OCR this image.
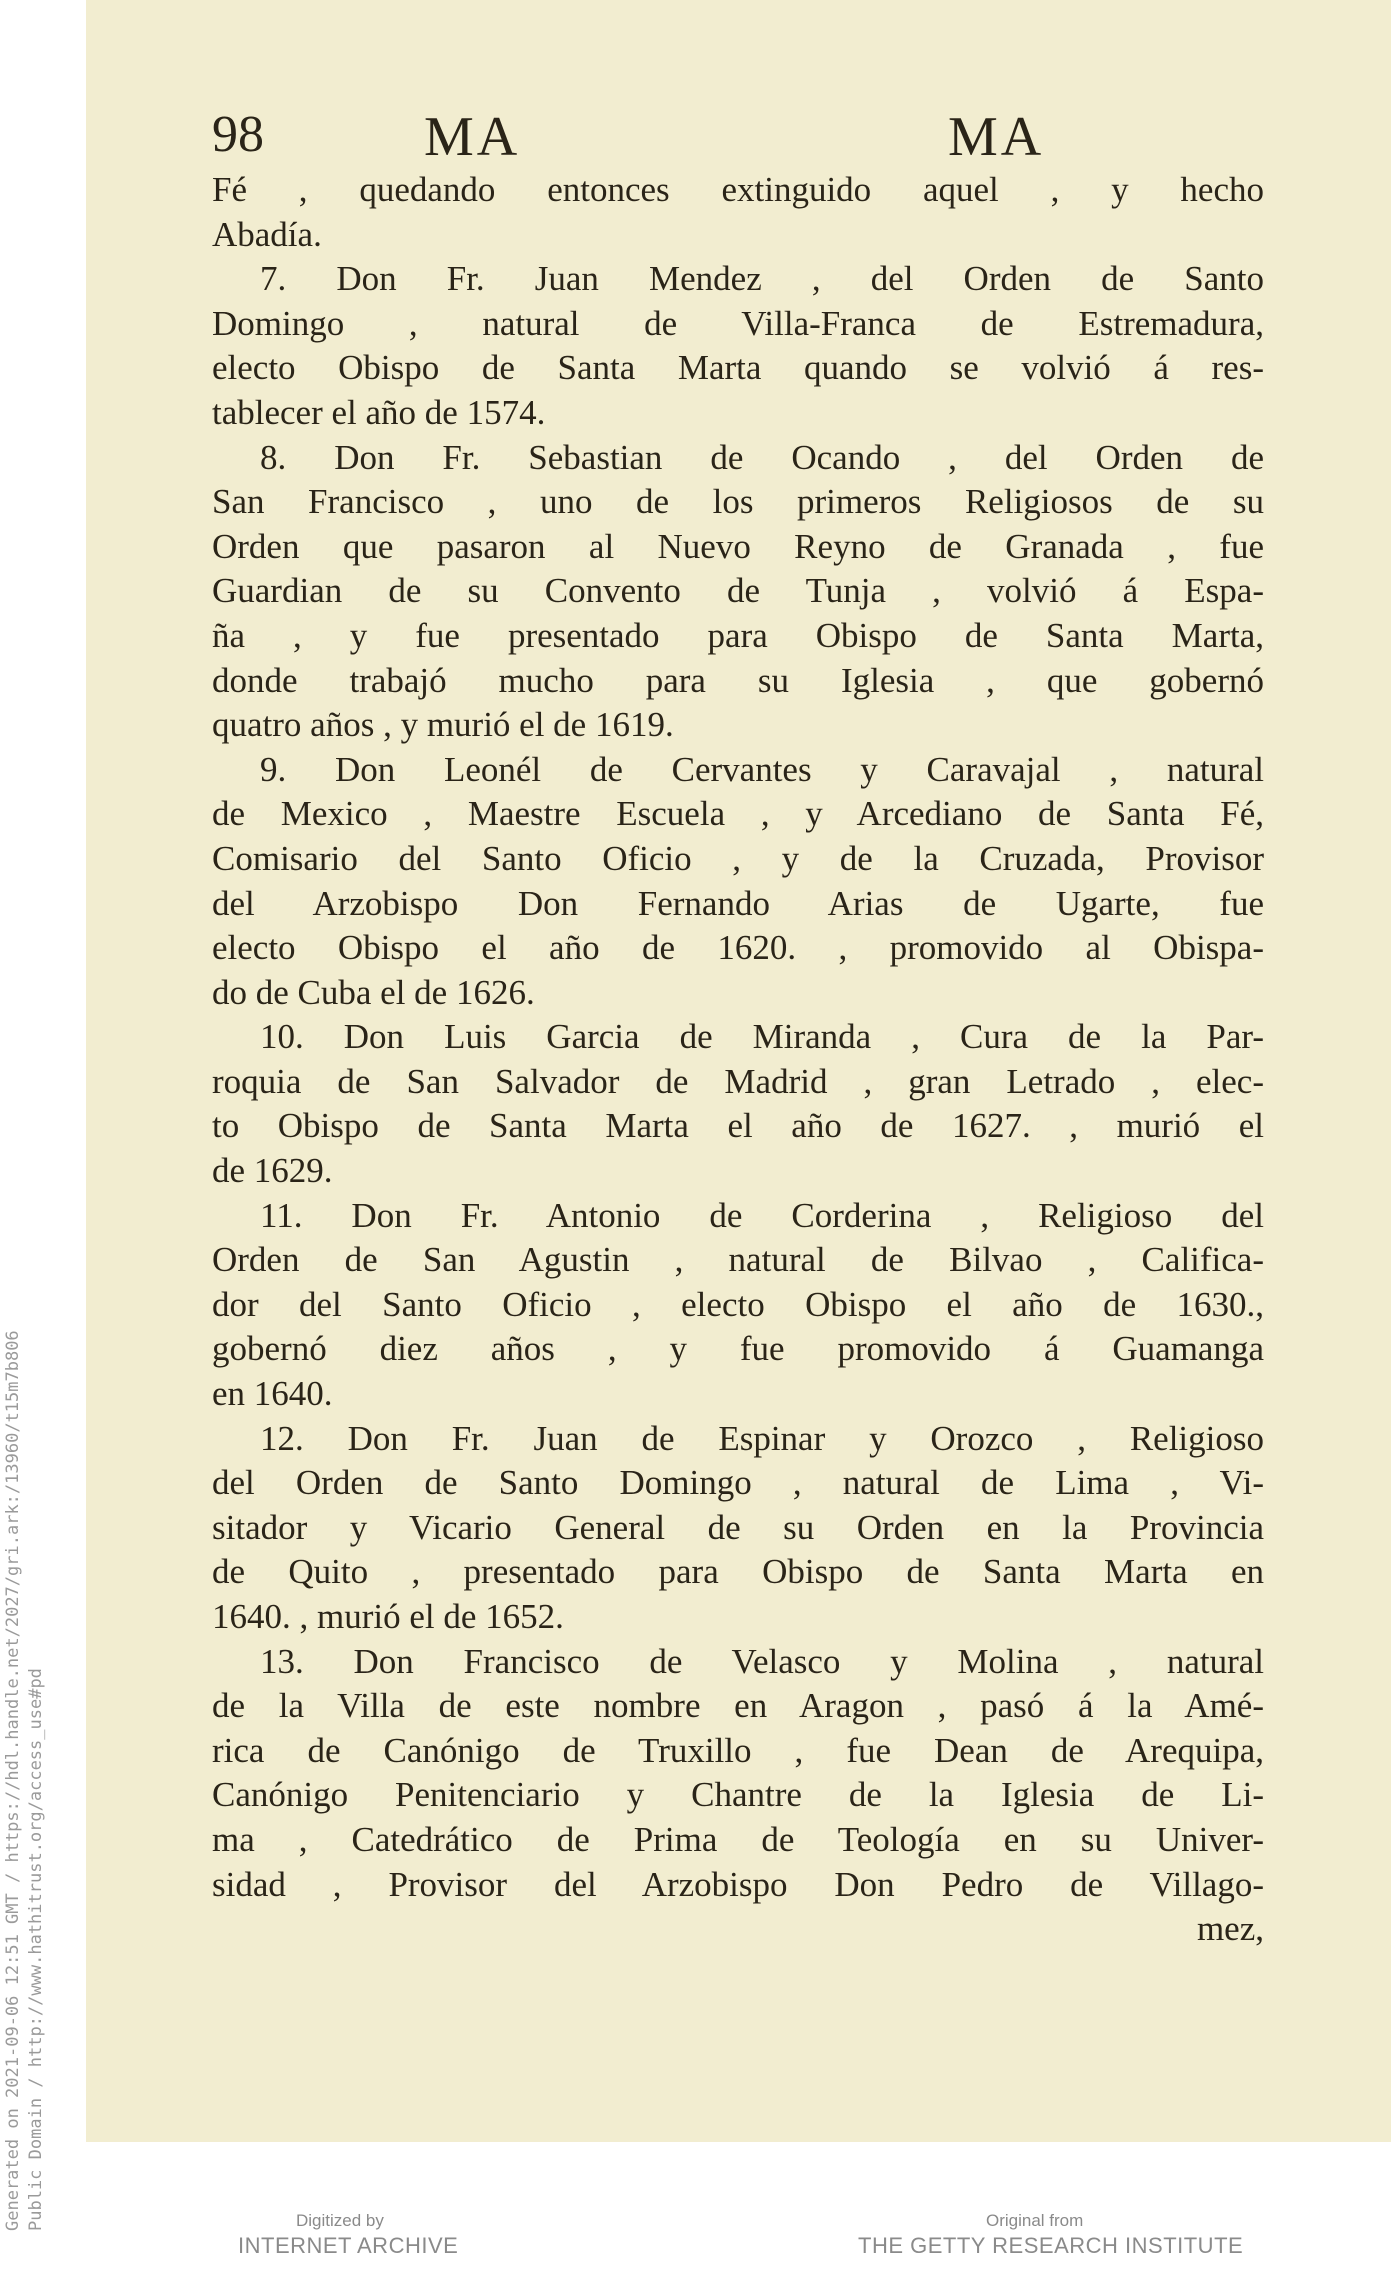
Generated on 2021-09-06 12:51 GMT / https://hdl.handle.net/2027/gri.ark:/13960/t15m7b806 Public Domain / http://www.hathitrust.org/access_use#pd
98	MA	MA
Fé , quedando entonces extinguido aquel , y hecho
Abadía.
7. Don Fr. Juan Mendez , del Orden de Santo
Domingo , natural de Villa-Franca de Estremadura,
electo Obispo de Santa Marta quando se volvió á res-
tablecer el año de 1574.
8. Don Fr. Sebastian de Ocando , del Orden de
San Francisco , uno de los primeros Religiosos de su
Orden que pasaron al Nuevo Reyno de Granada , fue
Guardian de su Convento de Tunja , volvió á Espa-
ña , y fue presentado para Obispo de Santa Marta,
donde trabajó mucho para su Iglesia , que gobernó
quatro años , y murió el de 1619.
9. Don Leonél de Cervantes y Caravajal , natural
de Mexico , Maestre Escuela , y Arcediano de Santa Fé,
Comisario del Santo Oficio , y de la Cruzada, Provisor
del Arzobispo Don Fernando Arias de Ugarte, fue
electo Obispo el año de 1620. , promovido al Obispa-
do de Cuba el de 1626.
10. Don Luis Garcia de Miranda , Cura de la Par-
roquia de San Salvador de Madrid , gran Letrado , elec-
to Obispo de Santa Marta el año de 1627. , murió el
de 1629.
11. Don Fr. Antonio de Corderina , Religioso del
Orden de San Agustin , natural de Bilvao , Califica-
dor del Santo Oficio , electo Obispo el año de 1630.,
gobernó diez años , y fue promovido á Guamanga
en 1640.
12. Don Fr. Juan de Espinar y Orozco , Religioso
del Orden de Santo Domingo , natural de Lima , Vi-
sitador y Vicario General de su Orden en la Provincia
de Quito , presentado para Obispo de Santa Marta en
1640. , murió el de 1652.
13. Don Francisco de Velasco y Molina , natural
de la Villa de este nombre en Aragon , pasó á la Amé-
rica de Canónigo de Truxillo , fue Dean de Arequipa,
Canónigo Penitenciario y Chantre de la Iglesia de Li-
ma , Catedrático de Prima de Teología en su Univer-
sidad , Provisor del Arzobispo Don Pedro de Villago-
mez,
Digitized by
INTERNET ARCHIVE
Original from
THE GETTY RESEARCH INSTITUTE
